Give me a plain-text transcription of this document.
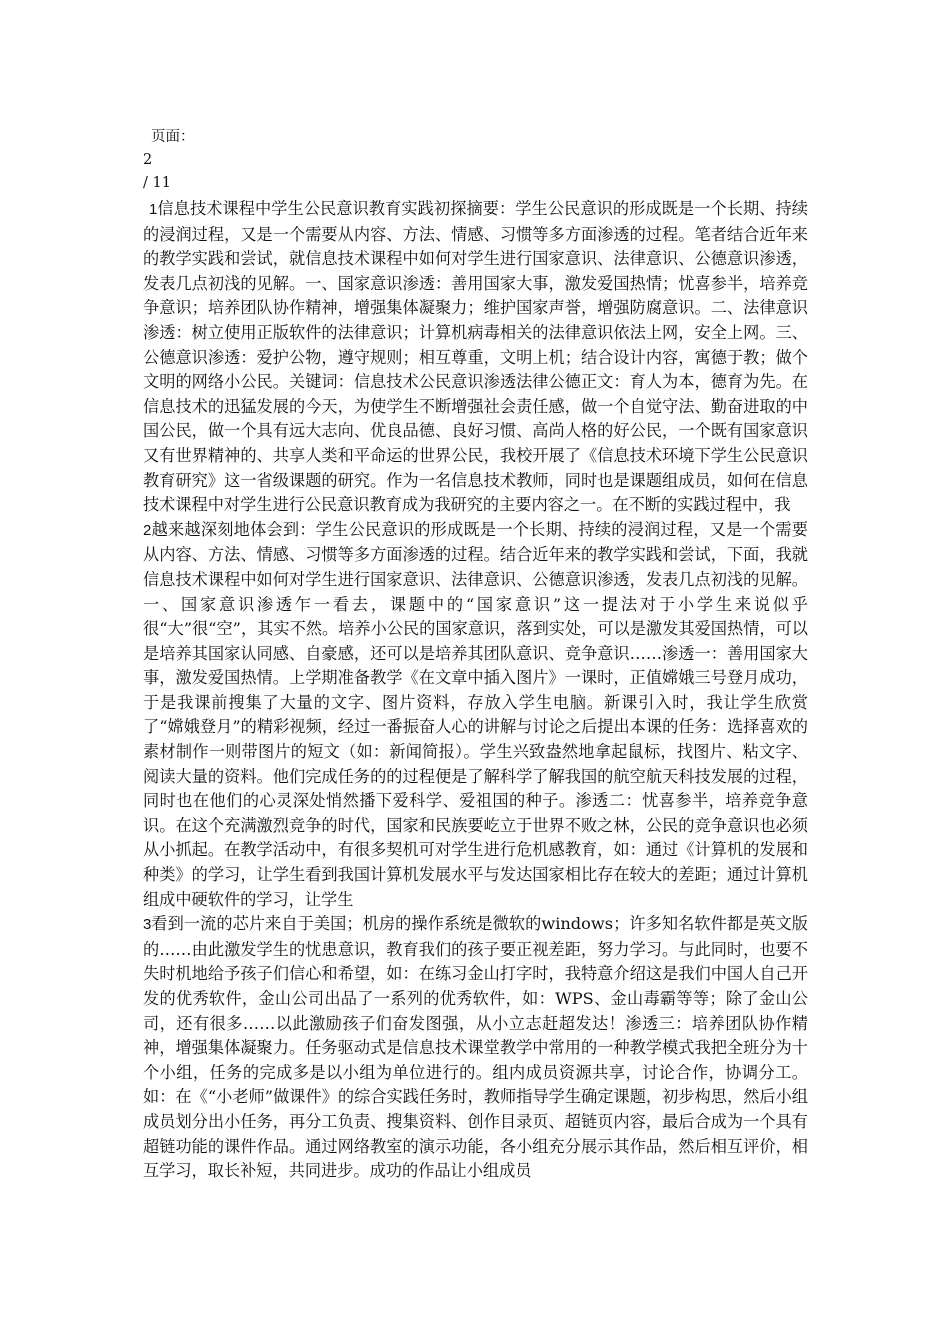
页面：
2
/ 11

1信息技术课程中学生公民意识教育实践初探摘要：学生公民意识的形成既是一个长期、持续的浸润过程，又是一个需要从内容、方法、情感、习惯等多方面渗透的过程。笔者结合近年来的教学实践和尝试，就信息技术课程中如何对学生进行国家意识、法律意识、公德意识渗透，发表几点初浅的见解。一、国家意识渗透：善用国家大事，激发爱国热情；忧喜参半，培养竞争意识；培养团队协作精神，增强集体凝聚力；维护国家声誉，增强防腐意识。二、法律意识渗透：树立使用正版软件的法律意识；计算机病毒相关的法律意识依法上网，安全上网。三、公德意识渗透：爱护公物，遵守规则；相互尊重，文明上机；结合设计内容，寓德于教；做个文明的网络小公民。关键词：信息技术公民意识渗透法律公德正文：育人为本，德育为先。在信息技术的迅猛发展的今天，为使学生不断增强社会责任感，做一个自觉守法、勤奋进取的中国公民，做一个具有远大志向、优良品德、良好习惯、高尚人格的好公民，一个既有国家意识又有世界精神的、共享人类和平命运的世界公民，我校开展了《信息技术环境下学生公民意识教育研究》这一省级课题的研究。作为一名信息技术教师，同时也是课题组成员，如何在信息技术课程中对学生进行公民意识教育成为我研究的主要内容之一。在不断的实践过程中，我

2越来越深刻地体会到：学生公民意识的形成既是一个长期、持续的浸润过程，又是一个需要从内容、方法、情感、习惯等多方面渗透的过程。结合近年来的教学实践和尝试，下面，我就信息技术课程中如何对学生进行国家意识、法律意识、公德意识渗透，发表几点初浅的见解。一、国家意识渗透乍一看去，课题中的“国家意识”这一提法对于小学生来说似乎很“大”很“空”，其实不然。培养小公民的国家意识，落到实处，可以是激发其爱国热情，可以是培养其国家认同感、自豪感，还可以是培养其团队意识、竞争意识……渗透一：善用国家大事，激发爱国热情。上学期准备教学《在文章中插入图片》一课时，正值嫦娥三号登月成功，于是我课前搜集了大量的文字、图片资料，存放入学生电脑。新课引入时，我让学生欣赏了“嫦娥登月”的精彩视频，经过一番振奋人心的讲解与讨论之后提出本课的任务：选择喜欢的素材制作一则带图片的短文（如：新闻简报）。学生兴致盎然地拿起鼠标，找图片、粘文字、阅读大量的资料。他们完成任务的的过程便是了解科学了解我国的航空航天科技发展的过程，同时也在他们的心灵深处悄然播下爱科学、爱祖国的种子。渗透二：忧喜参半，培养竞争意识。在这个充满激烈竞争的时代，国家和民族要屹立于世界不败之林，公民的竞争意识也必须从小抓起。在教学活动中，有很多契机可对学生进行危机感教育，如：通过《计算机的发展和种类》的学习，让学生看到我国计算机发展水平与发达国家相比存在较大的差距；通过计算机组成中硬软件的学习，让学生

3看到一流的芯片来自于美国；机房的操作系统是微软的windows；许多知名软件都是英文版的……由此激发学生的忧患意识，教育我们的孩子要正视差距，努力学习。与此同时，也要不失时机地给予孩子们信心和希望，如：在练习金山打字时，我特意介绍这是我们中国人自己开发的优秀软件，金山公司出品了一系列的优秀软件，如：WPS、金山毒霸等等；除了金山公司，还有很多……以此激励孩子们奋发图强，从小立志赶超发达！渗透三：培养团队协作精神，增强集体凝聚力。任务驱动式是信息技术课堂教学中常用的一种教学模式我把全班分为十个小组，任务的完成多是以小组为单位进行的。组内成员资源共享，讨论合作，协调分工。如：在《“小老师”做课件》的综合实践任务时，教师指导学生确定课题，初步构思，然后小组成员划分出小任务，再分工负责、搜集资料、创作目录页、超链页内容，最后合成为一个具有超链功能的课件作品。通过网络教室的演示功能，各小组充分展示其作品，然后相互评价，相互学习，取长补短，共同进步。成功的作品让小组成员
